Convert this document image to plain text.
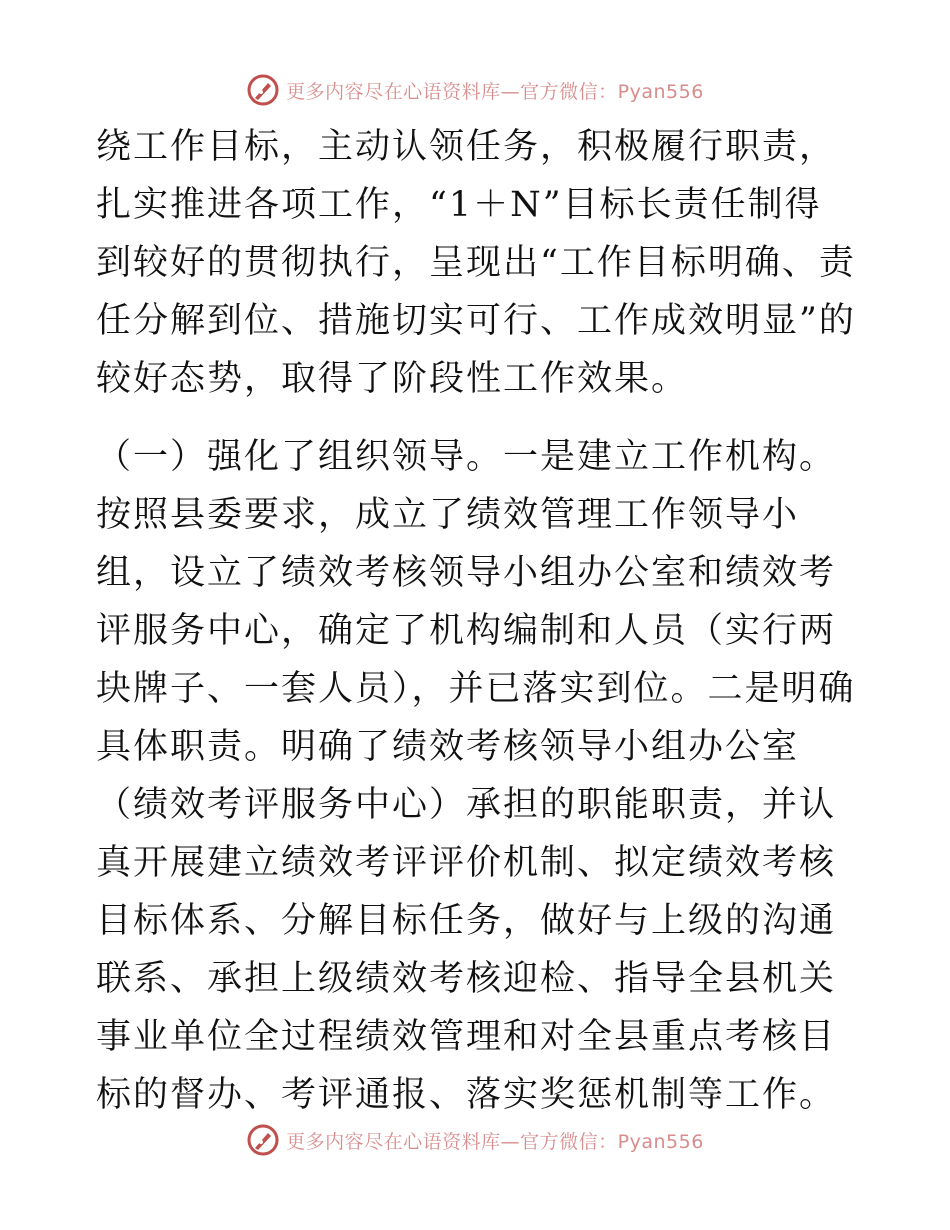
更多内容尽在心语资料库—官方微信：Pyan556

绕工作目标，主动认领任务，积极履行职责，扎实推进各项工作，“1＋N”目标长责任制得到较好的贯彻执行，呈现出“工作目标明确、责任分解到位、措施切实可行、工作成效明显”的较好态势，取得了阶段性工作效果。

（一）强化了组织领导。一是建立工作机构。按照县委要求，成立了绩效管理工作领导小组，设立了绩效考核领导小组办公室和绩效考评服务中心，确定了机构编制和人员（实行两块牌子、一套人员），并已落实到位。二是明确具体职责。明确了绩效考核领导小组办公室（绩效考评服务中心）承担的职能职责，并认真开展建立绩效考评评价机制、拟定绩效考核目标体系、分解目标任务，做好与上级的沟通联系、承担上级绩效考核迎检、指导全县机关事业单位全过程绩效管理和对全县重点考核目标的督办、考评通报、落实奖惩机制等工作。

更多内容尽在心语资料库—官方微信：Pyan556
